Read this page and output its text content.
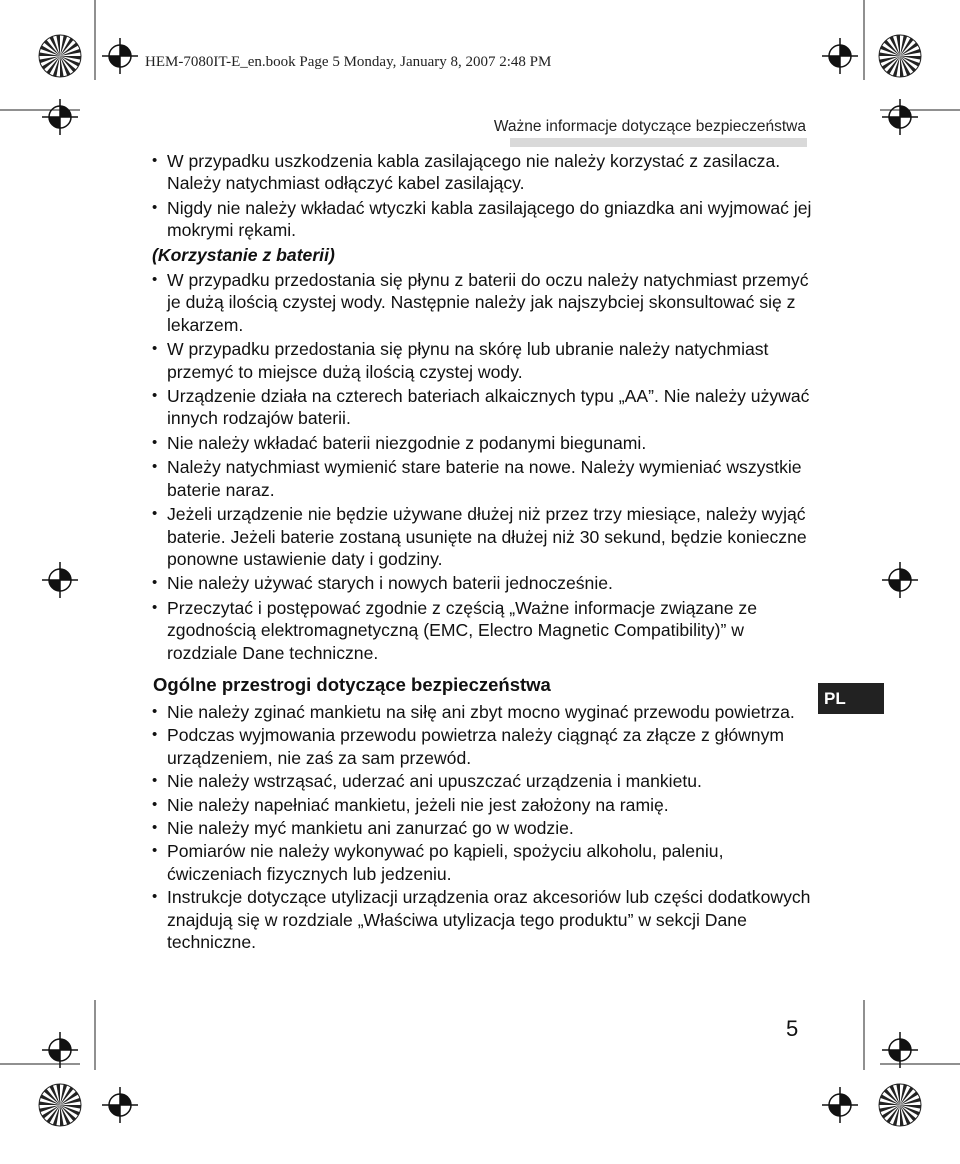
HEM-7080IT-E_en.book Page 5 Monday, January 8, 2007 2:48 PM
Ważne informacje dotyczące bezpieczeństwa
• W przypadku uszkodzenia kabla zasilającego nie należy korzystać z zasilacza. Należy natychmiast odłączyć kabel zasilający.
• Nigdy nie należy wkładać wtyczki kabla zasilającego do gniazdka ani wyjmować jej mokrymi rękami.
(Korzystanie z baterii)
• W przypadku przedostania się płynu z baterii do oczu należy natychmiast przemyć je dużą ilością czystej wody. Następnie należy jak najszybciej skonsultować się z lekarzem.
• W przypadku przedostania się płynu na skórę lub ubranie należy natychmiast przemyć to miejsce dużą ilością czystej wody.
• Urządzenie działa na czterech bateriach alkaicznych typu „AA”. Nie należy używać innych rodzajów baterii.
• Nie należy wkładać baterii niezgodnie z podanymi biegunami.
• Należy natychmiast wymienić stare baterie na nowe. Należy wymieniać wszystkie baterie naraz.
• Jeżeli urządzenie nie będzie używane dłużej niż przez trzy miesiące, należy wyjąć baterie. Jeżeli baterie zostaną usunięte na dłużej niż 30 sekund, będzie konieczne ponowne ustawienie daty i godziny.
• Nie należy używać starych i nowych baterii jednocześnie.
• Przeczytać i postępować zgodnie z częścią „Ważne informacje związane ze zgodnością elektromagnetyczną (EMC, Electro Magnetic Compatibility)” w rozdziale Dane techniczne.
Ogólne przestrogi dotyczące bezpieczeństwa
• Nie należy zginać mankietu na siłę ani zbyt mocno wyginać przewodu powietrza.
• Podczas wyjmowania przewodu powietrza należy ciągnąć za złącze z głównym urządzeniem, nie zaś za sam przewód.
• Nie należy wstrząsać, uderzać ani upuszczać urządzenia i mankietu.
• Nie należy napełniać mankietu, jeżeli nie jest założony na ramię.
• Nie należy myć mankietu ani zanurzać go w wodzie.
• Pomiarów nie należy wykonywać po kąpieli, spożyciu alkoholu, paleniu, ćwiczeniach fizycznych lub jedzeniu.
• Instrukcje dotyczące utylizacji urządzenia oraz akcesoriów lub części dodatkowych znajdują się w rozdziale „Właściwa utylizacja tego produktu” w sekcji Dane techniczne.
PL
5
